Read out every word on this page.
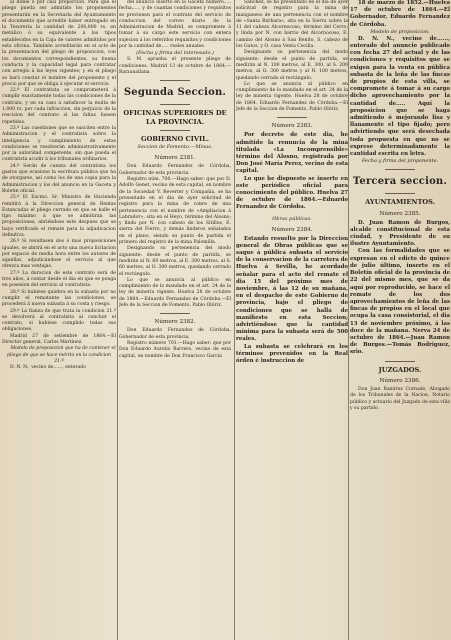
al doble ó por casi proporcion. Para que el pliego pueda ser admitido los proponentes presentarán en la Secretaría del Ayuntamiento el documento que acredite haber entregado en la Tesorería la cantidad de 200,000 rs. en metálico ó su equivalente á los tipos establecidos en la Caja de valores admitidos por esta oficina. También acreditarán en el acto de la presentacion del pliego de proposicion, con los documentos correspondientes, su buena conducta y la capacidad legal para contratar con arreglo á las leyes vigentes; y en el pliego se hará constar el nombre del proponente y el precio por que se obliga á ejecutar el servicio.

22.º El contratista se comprometerá á cumplir exactamente todas las condiciones de la contrata, y en su caso á satisfacer la multa de 1,000 rs. por cada infraccion, sin perjuicio de la rescision del contrato si las faltas fuesen repetidas.

23.º Las cuestiones que se susciten entre la Administracion y el contratista sobre la inteligencia y cumplimiento de estas condiciones se resolverán administrativamente por la autoridad competente, sin que pueda el contratista acudir á los tribunales ordinarios.

24.º Serán de cuenta del contratista los gastos que ocasione la escritura pública que ha de otorgarse, así como los de una copia para la Administracion y los del anuncio en la Gaceta y Boletin oficial.

25.º El Excmo. Sr. Ministro de Hacienda remitirá á la Direccion general de Rentas Estancadas el pliego cerrado en que se halle el tipo máximo á que se admitirán las proposiciones; abriéndose este despues que se haya verificado el remate para la adjudicacion definitiva.

26.º Si resultasen dos ó mas proposiciones iguales, se abrirá en el acto una nueva licitacion por espacio de media hora entre los autores de aquellas, adjudicándose el servicio al que ofrezca mas ventajas.

27.º La duracion de este contrato será de tres años, á contar desde el dia en que se ponga en posesion del servicio al contratista.

28.º Si hubiese quiebra en la subasta por no cumplir el rematante las condiciones, se procederá á nueva subasta á su costa y riesgo.

29.º La fianza de que trata la condicion 21.ª se devolverá al contratista al concluir el contrato, si hubiese cumplido todas sus obligaciones.

Madrid 27 de setiembre de 1864.—El Director general, Carlos Martinez.

Modelo de proposicion que ha de contener el pliego de que se hace mérito en la condicion 21.ª

D. N. N., vecino de......, enterado

del anuncio inserto en la Gaceta número..... fecha....., y de cuantas condiciones y requisitos se previenen para el contrato del servicio de conduccion del correo diario de la Administracion de Madrid, se compromete á tomar á su cargo este servicio con entera sujecion á los referidos requisitos y condiciones por la cantidad de..... reales anuales.

(Fecha y firma del interesado.)

S. M. aprueba el presente pliego de condiciones. Madrid 13 de octubre de 1864.—Barzanallana.

Segunda Seccion.
OFICINAS SUPERIORES DE LA PROVINCIA.
GOBIERNO CIVIL.
Seccion de Fomento.—Minas.
Número 2381.

Don Eduardo Fernandez de Córdoba, Gobernador de esta provincia.

Registro núm. 708.—Hago saber: que por D. Adolfo Genet, vecino de esta capital, en nombre de la Sociedad V. Reverter y Compañía, se ha presentado en el dia de ayer solicitud de registro para la mina de cobre de una pertenencia con el nombre de «Ampliacion á Labrador», sita en el Heyo, término del Alosno; y linda por N. con cabezo de los Sitillos, E. sierra del Fierro, y demás linderos señalados en el plano, siendo su punto de partida el primero del registro de la mina Palomilla.

Designando su pertenencia del modo siguiente: desde el punto de partida, se medirán al N. 60 metros, al E. 300 metros, al S. 60 metros, al O. 300 metros, quedando cerrado el rectángulo.

Lo que se anuncia al público en cumplimiento de lo mandado en el art. 24 de la ley de minería vigente. Huelva 28 de octubre de 1864.—Eduardo Fernandez de Córdoba.—El Jefe de la Seccion de Fomento, Pablo Olóriz.

Número 2382.

Don Eduardo Fernandez de Córdoba, Gobernador de esta provincia.

Registro número 701.—Hago saber: que por Don Eduardo Aurelio Barrero, vecino de esta capital, en nombre de Don Francisco García

Sánchez, se ha presentado en el dia de ayer solicitud de registro para la mina de manganeso de una pertenencia con el nombre de «Santa Bárbara», sita en la Sierra sobre la 11 del cabezo Alcornocoso, término del Cerro; y linda por N. con barrio del Alcornocoso, E. camino del Alosno á San Benito, S. cabezo de los Gatos, y O. casa Venta Cecilia.

Designando su pertenencia del modo siguiente: desde el punto de partida, se medirán al N. 100 metros, al E. 300, al S. 200 metros, al O. 300 metros y al N. 100 metros, quedando cerrado el rectángulo.

Lo que se anuncia al público en cumplimiento de lo mandado en el art. 24 de la ley de minería vigente. Huelva 28 de octubre de 1864. Eduardo Fernandez de Córdoba.—El Jefe de la Seccion de Fomento, Pablo Olóriz.

Número 2383.

Por decreto de este dia, he admitido la renuncia de la mina titulada «La Incomprensible» término del Alosno, registrada por Don José María Perez, vecino de esta capital.

Lo que he dispuesto se inserte en este periódico oficial para conocimiento del público. Huelva 27 de octubre de 1864.—Eduardo Fernandez de Córdoba.

Obras públicas.
Número 2384.

Estando resuelto por la Direccion general de Obras públicas que se saque á pública subasta el servicio de la conservacion de la carretera de Huelva á Sevilla, he acordado señalar para el acto del remate el dia 15 del próximo mes de noviembre, á las 12 de su mañana, en el despacho de este Gobierno de provincia, bajo el pliego de condiciones que se halla de manifiesto en esta Seccion; advirtiéndose que la cantidad mínima para la subasta será de 500 reales.

La subasta se celebrará en los términos prevenidos en la Real órden é instruccion de

18 de marzo de 1852.—Huelva 17 de octubre de 1864.—El Gobernador, Eduardo Fernandez de Córdoba.

Modelo de proposicion.

D. N. N., vecino de......, enterado del anuncio publicado con fecha 27 del actual y de las condiciones y requisitos que se exigen para la venta en pública subasta de la leña de las fincas de propios de esta villa, se compromete á tomar á su cargo dicho aprovechamiento por la cantidad de..... Aquí la proposicion que se haga admitiendo ó mejorando lisa y llanamente el tipo fijado; pero advirtiendo que será desechada toda propuesta en que no se exprese determinadamente la cantidad escrita en letra.

Fecha y firma del proponente.
Tercera seccion.
AYUNTAMIENTOS.
Número 2385.

D. Juan Ramon de Burgos, alcalde constitucional de esta ciudad, y Presidente de su ilustre Ayuntamiento.

Con las formalidades que se expresan en el edicto de quince de julio último, inserto en el Boletín oficial de la provincia de 22 del mismo mes, que se da aquí por reproducido, se hace el remate de los dos aprovechamientos de leña de las fincas de propios en el local que ocupa la casa consistorial, el dia 13 de noviembre próximo, á las doce de la mañana. Nerva 24 de octubre de 1864.—Juan Ramon de Burgos.—Tomás Rodriguez, srio.

JUZGADOS.
Número 2386.

Don Juan Ramírez Cornado, Abogado de los Tribunales de la Nacion, Notario público y actuario del Juzgado de esta villa y su partido.
